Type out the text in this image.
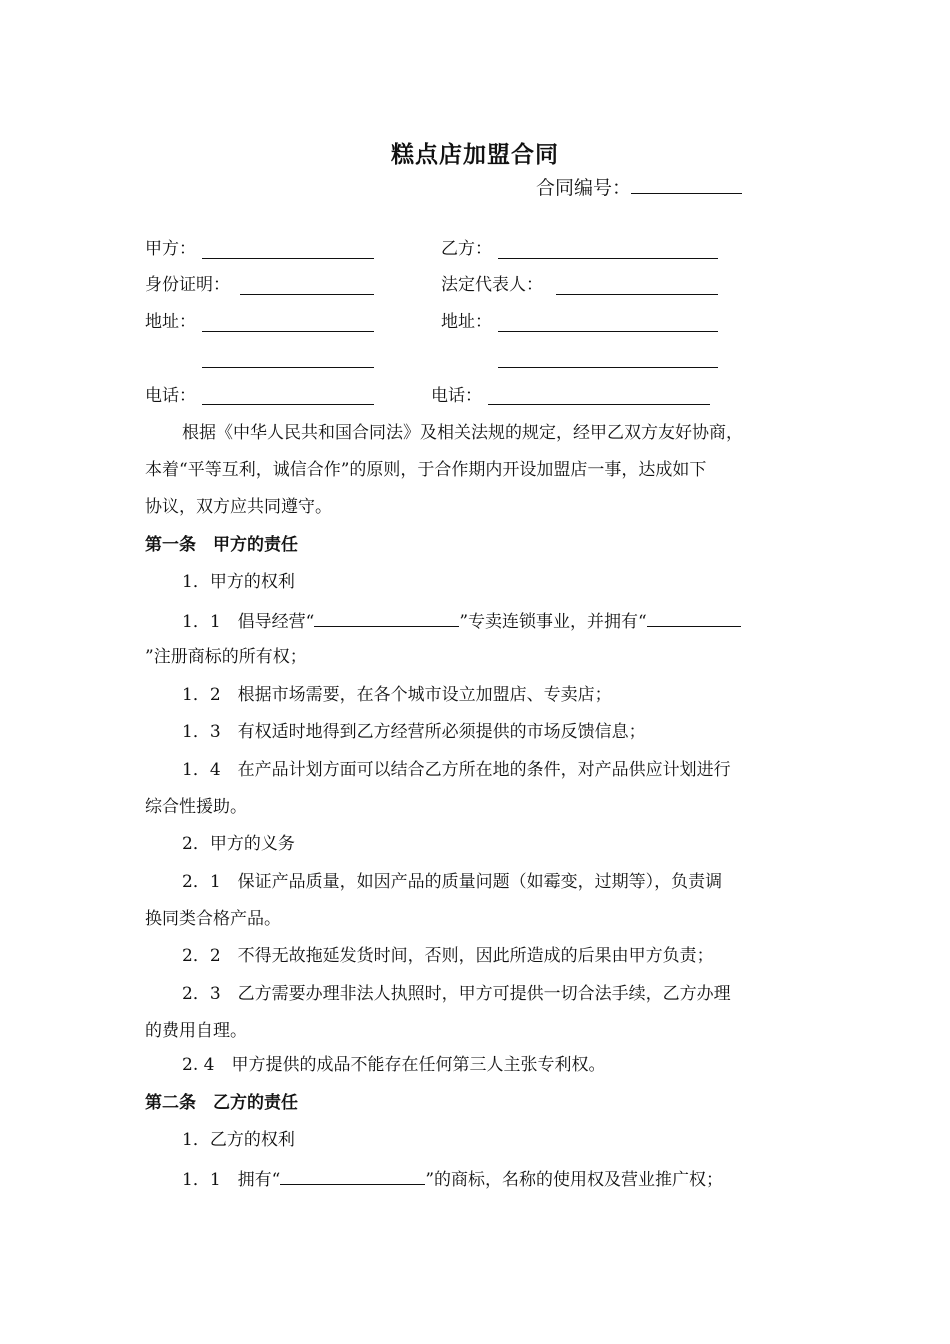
糕点店加盟合同
合同编号：
甲方：	乙方：
身份证明：	法定代表人：
地址：	地址：
电话：	电话：
根据《中华人民共和国合同法》及相关法规的规定，经甲乙双方友好协商，
本着“平等互利，诚信合作”的原则，于合作期内开设加盟店一事，达成如下
协议，双方应共同遵守。
第一条　甲方的责任
1．甲方的权利
1．1　倡导经营“	”专卖连锁事业，并拥有“
”注册商标的所有权；
1．2　根据市场需要，在各个城市设立加盟店、专卖店；
1．3　有权适时地得到乙方经营所必须提供的市场反馈信息；
1．4　在产品计划方面可以结合乙方所在地的条件，对产品供应计划进行
综合性援助。
2．甲方的义务
2．1　保证产品质量，如因产品的质量问题（如霉变，过期等），负责调
换同类合格产品。
2．2　不得无故拖延发货时间，否则，因此所造成的后果由甲方负责；
2．3　乙方需要办理非法人执照时，甲方可提供一切合法手续，乙方办理
的费用自理。
2. 4　甲方提供的成品不能存在任何第三人主张专利权。
第二条　乙方的责任
1．乙方的权利
1．1　拥有“	”的商标，名称的使用权及营业推广权；
